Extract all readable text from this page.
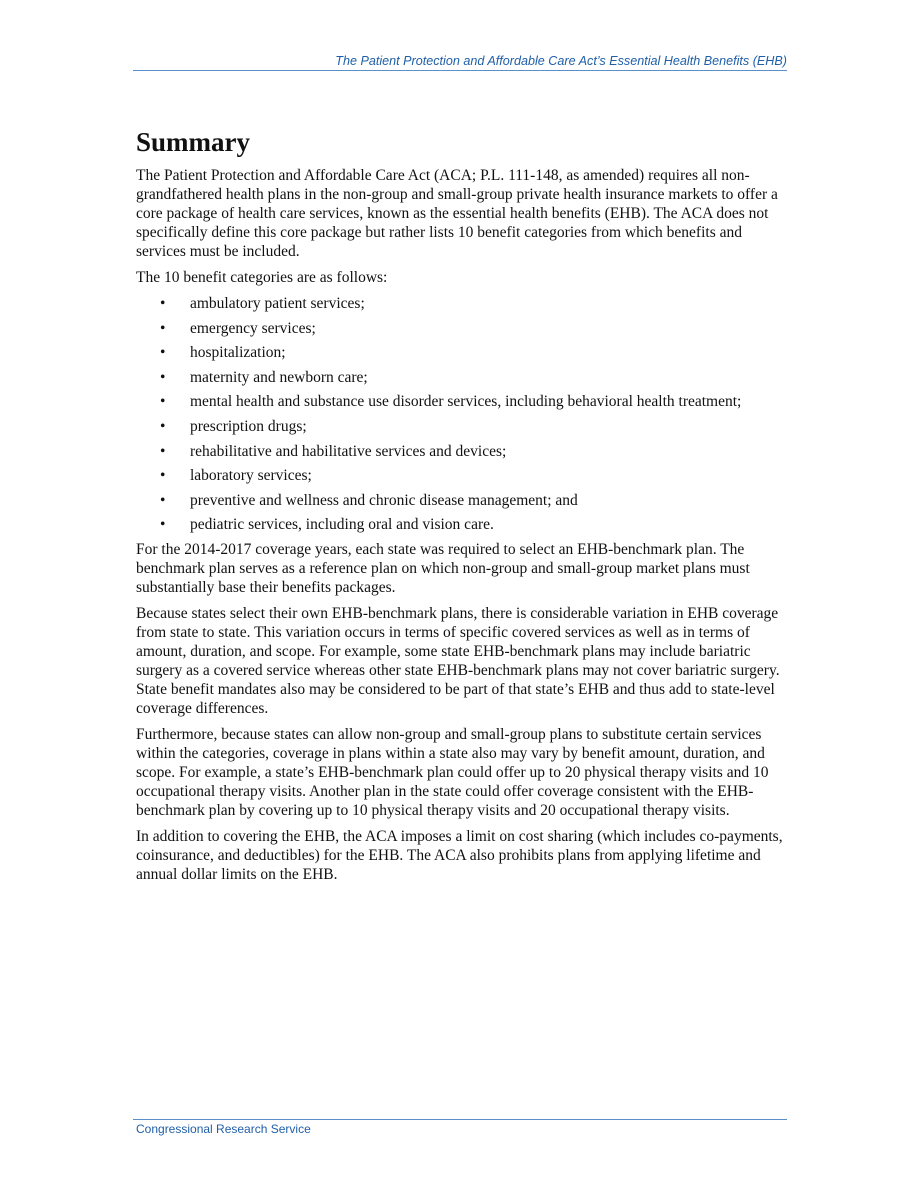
The Patient Protection and Affordable Care Act’s Essential Health Benefits (EHB)
Summary

The Patient Protection and Affordable Care Act (ACA; P.L. 111-148, as amended) requires all non-grandfathered health plans in the non-group and small-group private health insurance markets to offer a core package of health care services, known as the essential health benefits (EHB). The ACA does not specifically define this core package but rather lists 10 benefit categories from which benefits and services must be included.

The 10 benefit categories are as follows:

• ambulatory patient services;
• emergency services;
• hospitalization;
• maternity and newborn care;
• mental health and substance use disorder services, including behavioral health treatment;
• prescription drugs;
• rehabilitative and habilitative services and devices;
• laboratory services;
• preventive and wellness and chronic disease management; and
• pediatric services, including oral and vision care.

For the 2014-2017 coverage years, each state was required to select an EHB-benchmark plan. The benchmark plan serves as a reference plan on which non-group and small-group market plans must substantially base their benefits packages.

Because states select their own EHB-benchmark plans, there is considerable variation in EHB coverage from state to state. This variation occurs in terms of specific covered services as well as in terms of amount, duration, and scope. For example, some state EHB-benchmark plans may include bariatric surgery as a covered service whereas other state EHB-benchmark plans may not cover bariatric surgery. State benefit mandates also may be considered to be part of that state’s EHB and thus add to state-level coverage differences.

Furthermore, because states can allow non-group and small-group plans to substitute certain services within the categories, coverage in plans within a state also may vary by benefit amount, duration, and scope. For example, a state’s EHB-benchmark plan could offer up to 20 physical therapy visits and 10 occupational therapy visits. Another plan in the state could offer coverage consistent with the EHB-benchmark plan by covering up to 10 physical therapy visits and 20 occupational therapy visits.

In addition to covering the EHB, the ACA imposes a limit on cost sharing (which includes co-payments, coinsurance, and deductibles) for the EHB. The ACA also prohibits plans from applying lifetime and annual dollar limits on the EHB.

Congressional Research Service
